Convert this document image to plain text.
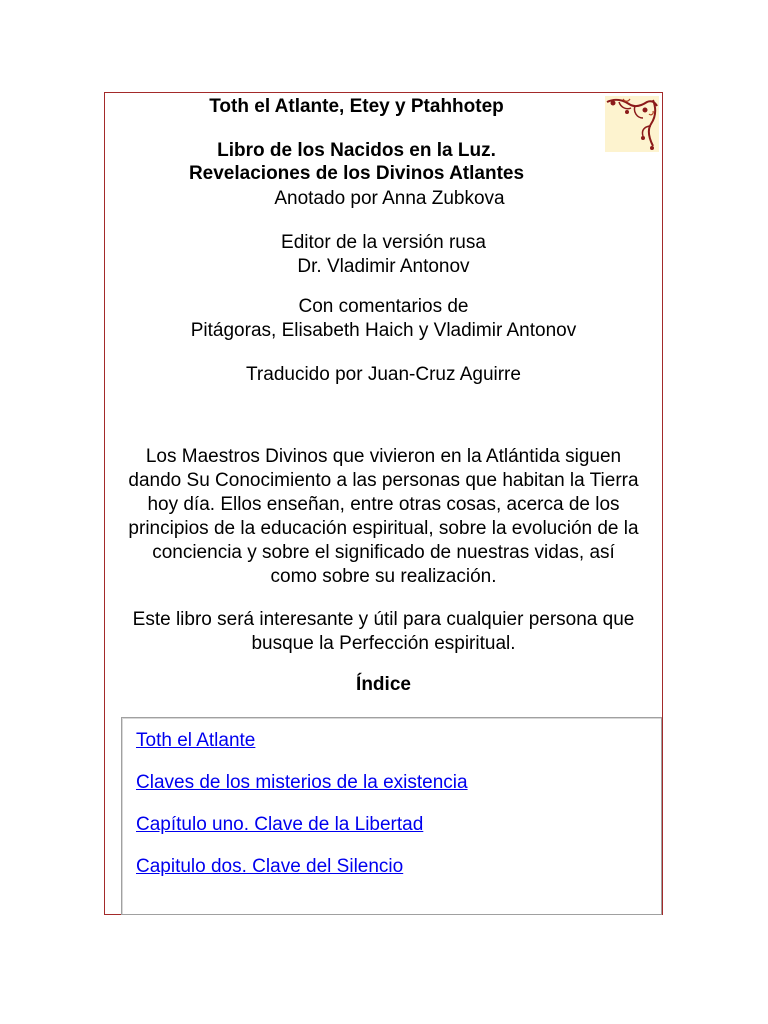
Toth el Atlante, Etey y Ptahhotep
Libro de los Nacidos en la Luz.
Revelaciones de los Divinos Atlantes
Anotado por Anna Zubkova
Editor de la versión rusa
Dr. Vladimir Antonov
Con comentarios de
Pitágoras, Elisabeth Haich y Vladimir Antonov
Traducido por Juan-Cruz Aguirre
Los Maestros Divinos que vivieron en la Atlántida siguen
dando Su Conocimiento a las personas que habitan la Tierra
hoy día. Ellos enseñan, entre otras cosas, acerca de los
principios de la educación espiritual, sobre la evolución de la
conciencia y sobre el significado de nuestras vidas, así
como sobre su realización.
Este libro será interesante y útil para cualquier persona que
busque la Perfección espiritual.
Índice
Toth el Atlante
Claves de los misterios de la existencia
Capítulo uno. Clave de la Libertad
Capitulo dos. Clave del Silencio
